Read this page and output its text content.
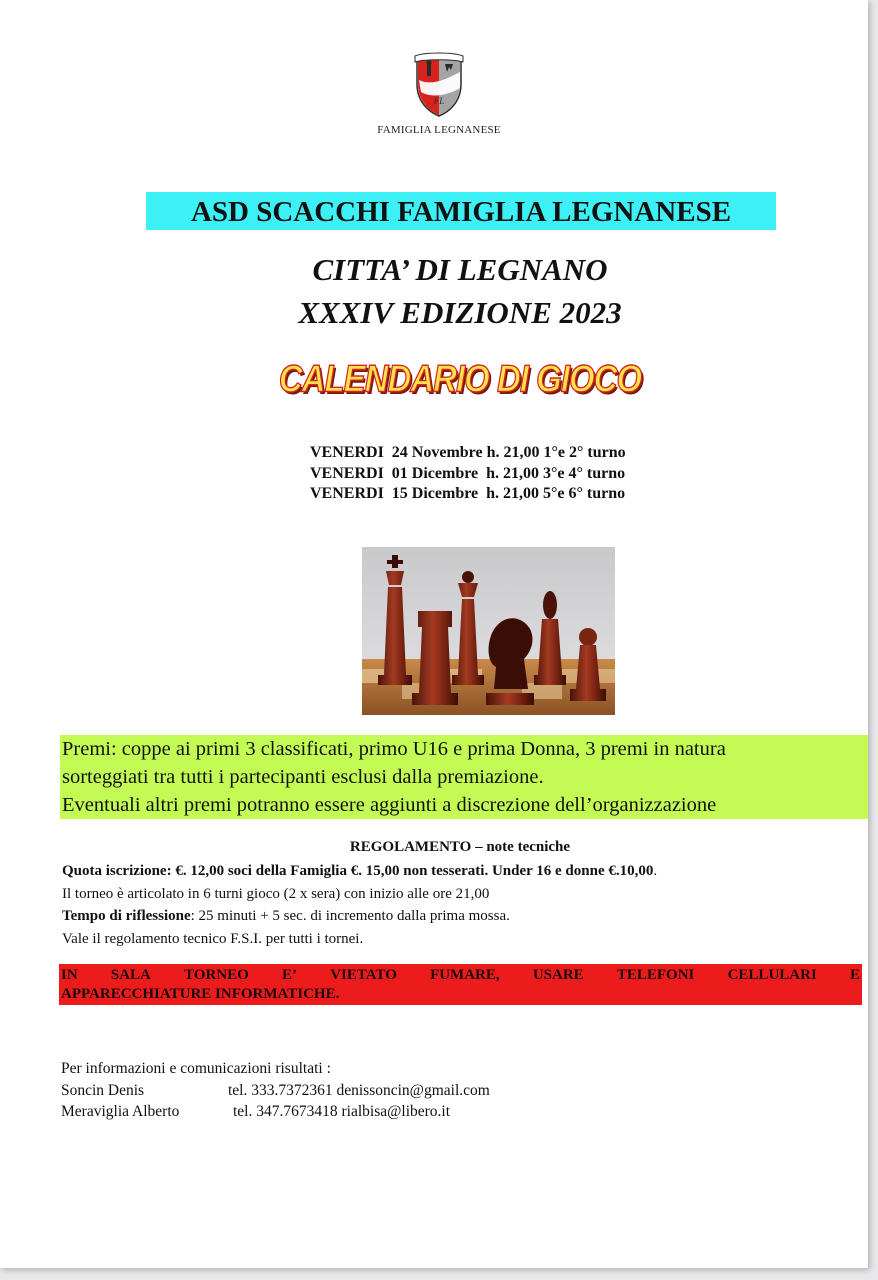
FL
FAMIGLIA LEGNANESE
ASD SCACCHI FAMIGLIA LEGNANESE
CITTA’ DI LEGNANO
XXXIV EDIZIONE 2023
CALENDARIO DI GIOCO
VENERDI  24 Novembre h. 21,00 1°e 2° turno
VENERDI  01 Dicembre  h. 21,00 3°e 4° turno
VENERDI  15 Dicembre  h. 21,00 5°e 6° turno
Premi: coppe ai primi 3 classificati, primo U16 e prima Donna, 3 premi in natura
sorteggiati tra tutti i partecipanti esclusi dalla premiazione.
Eventuali altri premi potranno essere aggiunti a discrezione dell’organizzazione
REGOLAMENTO – note tecniche
Quota iscrizione: €. 12,00 soci della Famiglia €. 15,00 non tesserati. Under 16 e donne €.10,00.
Il torneo è articolato in 6 turni gioco (2 x sera) con inizio alle ore 21,00
Tempo di riflessione: 25 minuti + 5 sec. di incremento dalla prima mossa.
Vale il regolamento tecnico F.S.I. per tutti i tornei.
IN SALA TORNEO E’ VIETATO FUMARE, USARE TELEFONI CELLULARI E
APPARECCHIATURE INFORMATICHE.
Per informazioni e comunicazioni risultati :
Soncin Denis	tel. 333.7372361 denissoncin@gmail.com
Meraviglia Alberto	tel. 347.7673418 rialbisa@libero.it
